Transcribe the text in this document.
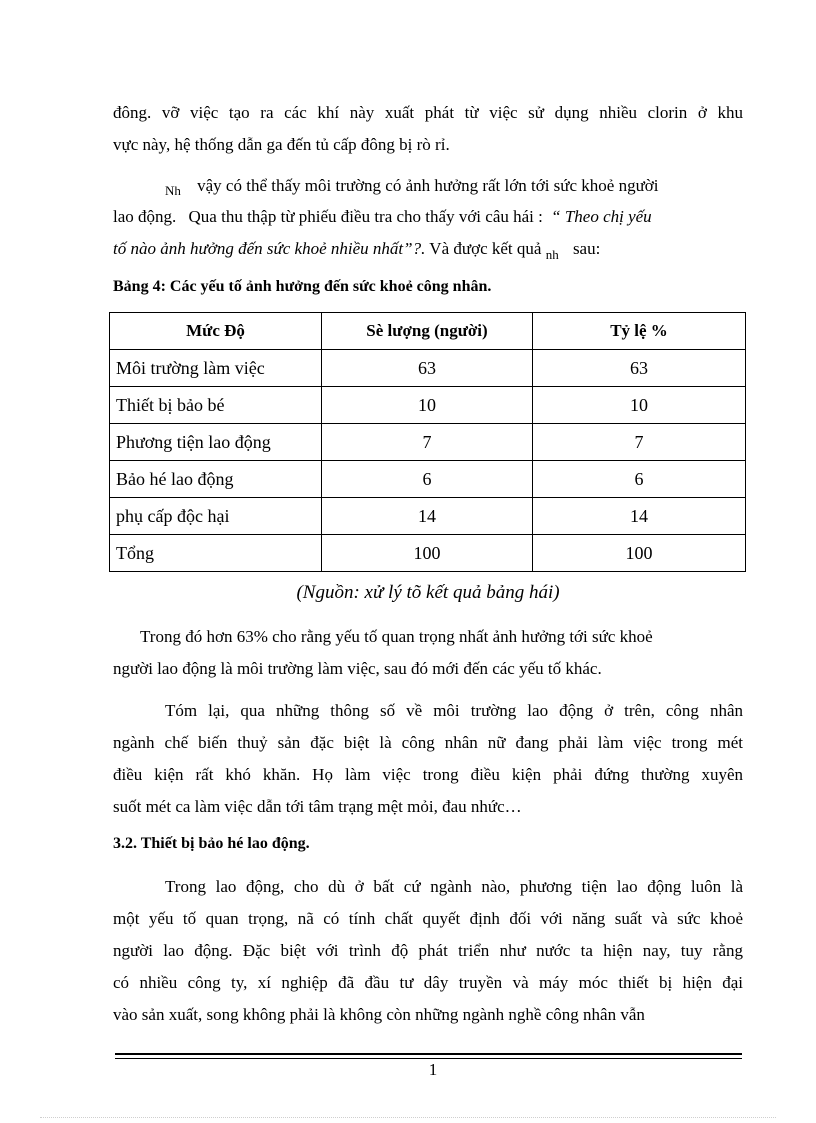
đông. vỡ việc tạo ra các khí này xuất phát từ việc sử dụng nhiều clorin ở khu
vực này, hệ thống dẫn ga đến tủ cấp đông bị rò rỉ.
Nh vậy có thể thấy môi trường có ảnh hưởng rất lớn tới sức khoẻ người
lao động. Qua thu thập từ phiếu điều tra cho thấy với câu hái : “ Theo chị yếu
tố nào ảnh hưởng đến sức khoẻ nhiều nhất”?. Và được kết quả nh sau:
Bảng 4: Các yếu tố ảnh hưởng đến sức khoẻ công nhân.
Mức Độ	Sè lượng (người)	Tỷ lệ %
Môi trường làm việc	63	63
Thiết bị bảo bé	10	10
Phương tiện lao động	7	7
Bảo hé lao động	6	6
phụ cấp độc hại	14	14
Tổng	100	100
(Nguồn: xử lý tõ kết quả bảng hái)
Trong đó hơn 63% cho rằng yếu tố quan trọng nhất ảnh hưởng tới sức khoẻ
người lao động là môi trường làm việc, sau đó mới đến các yếu tố khác.
Tóm lại, qua những thông số về môi trường lao động ở trên, công nhân
ngành chế biến thuỷ sản đặc biệt là công nhân nữ đang phải làm việc trong mét
điều kiện rất khó khăn. Họ làm việc trong điều kiện phải đứng thường xuyên
suốt mét ca làm việc dẫn tới tâm trạng mệt mỏi, đau nhức…
3.2. Thiết bị bảo hé lao động.
Trong lao động, cho dù ở bất cứ ngành nào, phương tiện lao động luôn là
một yếu tố quan trọng, nã có tính chất quyết định đối với năng suất và sức khoẻ
người lao động. Đặc biệt với trình độ phát triển như nước ta hiện nay, tuy rằng
có nhiều công ty, xí nghiệp đã đầu tư dây truyền và máy móc thiết bị hiện đại
vào sản xuất, song không phải là không còn những ngành nghề công nhân vẫn
1
